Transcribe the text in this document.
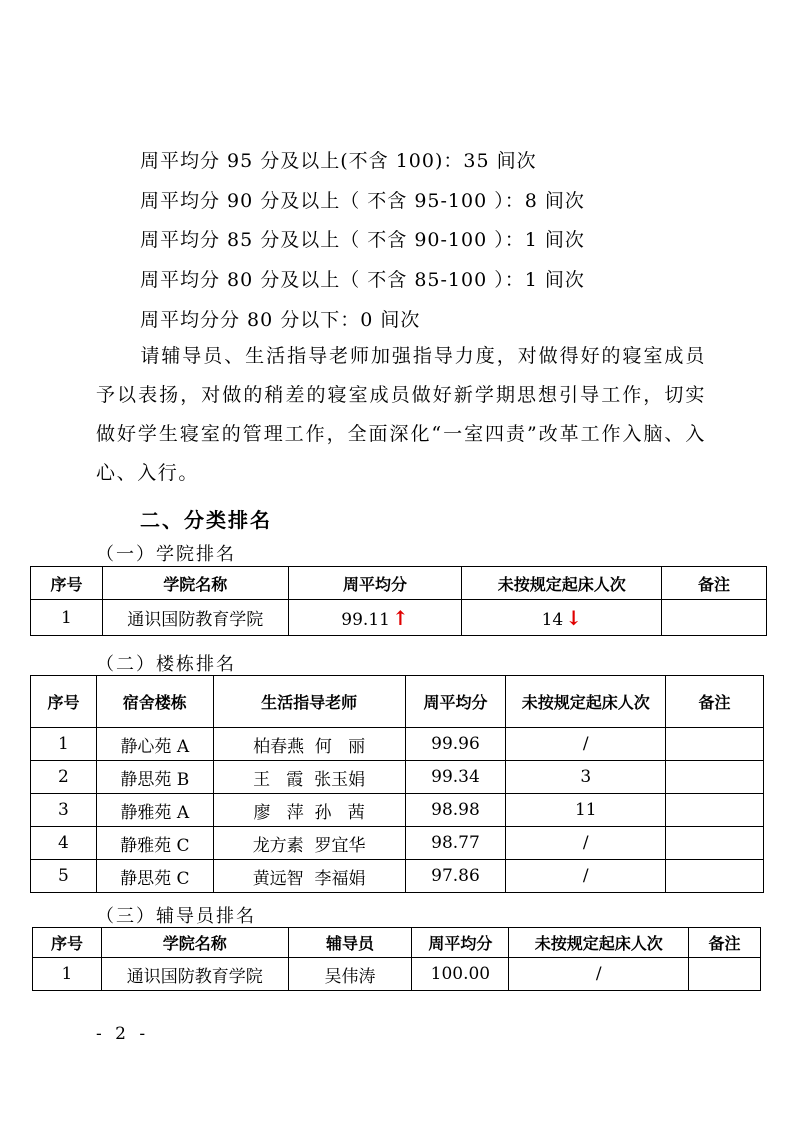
周平均分 95 分及以上(不含 100)：35 间次
周平均分 90 分及以上（ 不含 95-100 ）：8 间次
周平均分 85 分及以上（ 不含 90-100 ）：1 间次
周平均分 80 分及以上（ 不含 85-100 ）：1 间次
周平均分分 80 分以下：0 间次
请辅导员、生活指导老师加强指导力度，对做得好的寝室成员予以表扬，对做的稍差的寝室成员做好新学期思想引导工作，切实做好学生寝室的管理工作，全面深化“一室四责”改革工作入脑、入心、入行。
二、分类排名
（一）学院排名
序号	学院名称	周平均分	未按规定起床人次	备注
1	通识国防教育学院	99.11 ↑	14 ↓	
（二）楼栋排名
序号	宿舍楼栋	生活指导老师	周平均分	未按规定起床人次	备注
1	静心苑 A	柏春燕  何   丽	99.96	/	
2	静思苑 B	王   霞  张玉娟	99.34	3	
3	静雅苑 A	廖   萍  孙   茜	98.98	11	
4	静雅苑 C	龙方素  罗宜华	98.77	/	
5	静思苑 C	黄远智  李福娟	97.86	/	
（三）辅导员排名
序号	学院名称	辅导员	周平均分	未按规定起床人次	备注
1	通识国防教育学院	吴伟涛	100.00	/	
- 2 -
